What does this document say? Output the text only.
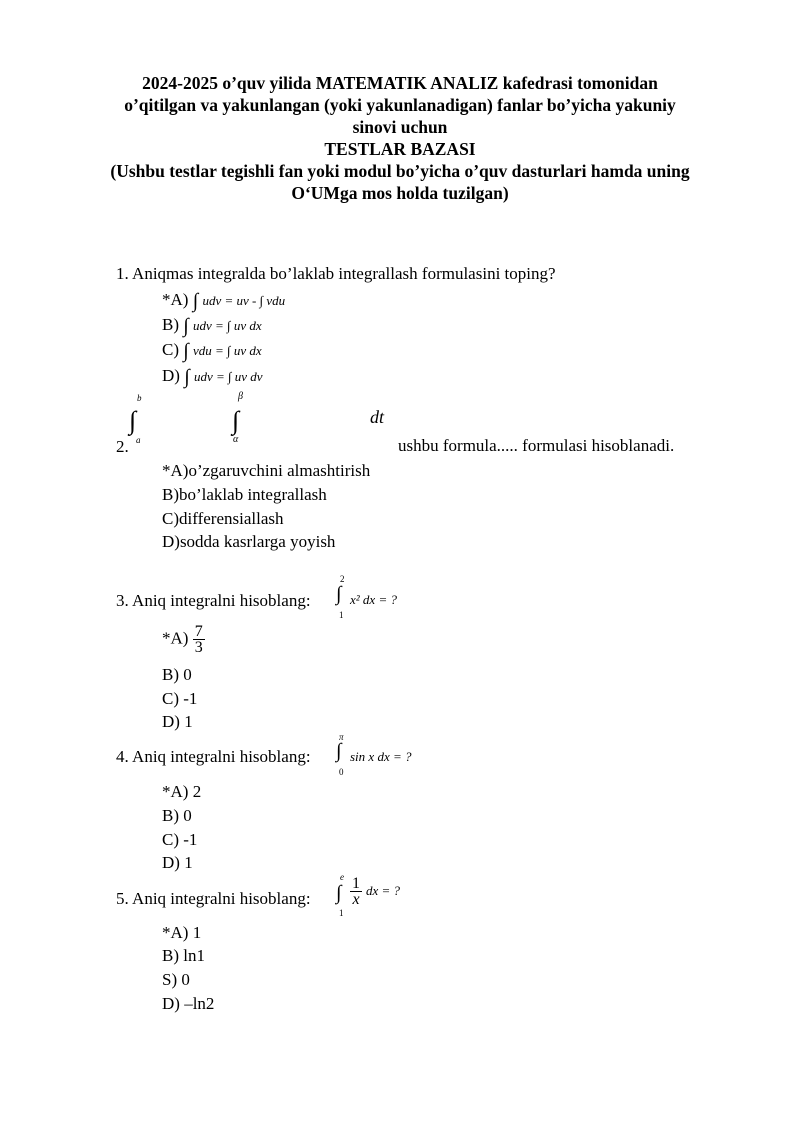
2024-2025 o’quv yilida MATEMATIK ANALIZ kafedrasi tomonidan
o’qitilgan va yakunlangan (yoki yakunlanadigan) fanlar bo’yicha yakuniy
sinovi uchun
TESTLAR BAZASI
(Ushbu testlar tegishli fan yoki modul bo’yicha o’quv dasturlari hamda uning
O‘UMga mos holda tuzilgan)
1. Aniqmas integralda bo’laklab integrallash formulasini toping?
*A) ∫ udv = uv - ∫ vdu
B) ∫ udv = ∫ uv dx
C) ∫ vdu = ∫ uv dx
D) ∫ udv = ∫ uv dv
b
∫
a
2.
β
∫
α
dt
ushbu formula..... formulasi hisoblanadi.
*A)o’zgaruvchini almashtirish
B)bo’laklab integrallash
C)differensiallash
D)sodda kasrlarga yoyish
3. Aniq integralni hisoblang:
2
∫
1
x² dx = ?
$*A) \frac{7}{3}$
B) 0
C) -1
D) 1
4. Aniq integralni hisoblang:
π
∫
0
sin x dx = ?
*A) 2
B) 0
C) -1
D) 1
5. Aniq integralni hisoblang:
e
∫
1
$\frac{1}{x}$ dx = ?
*A) 1
B) ln1
S) 0
D) –ln2
